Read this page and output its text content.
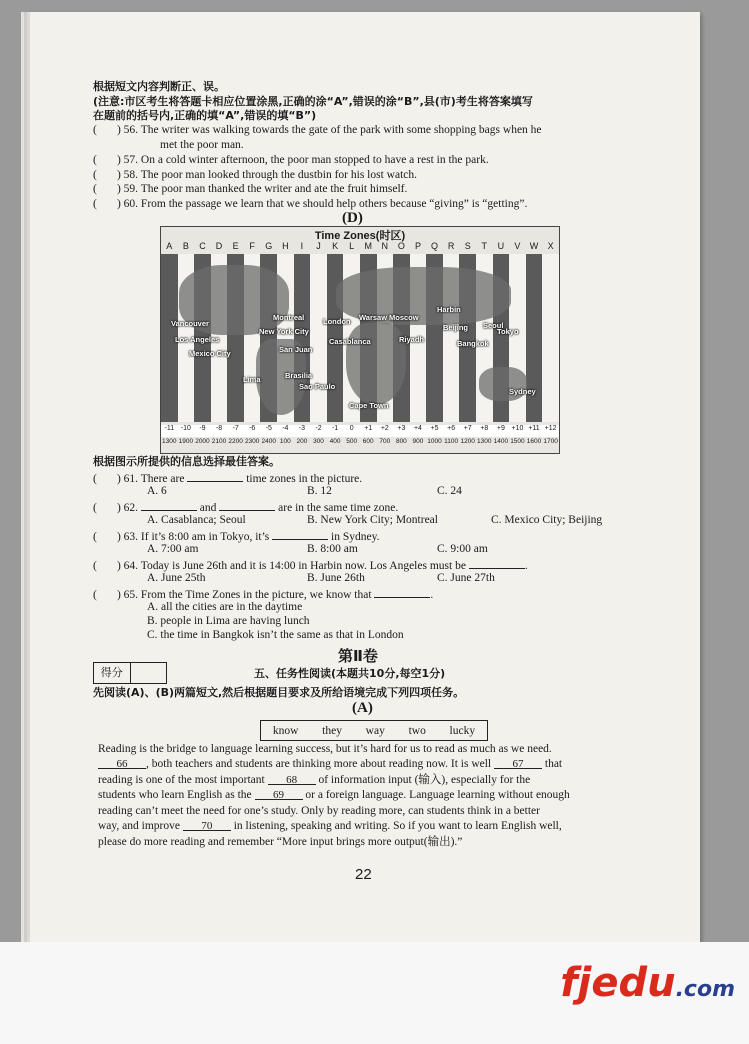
根据短文内容判断正、误。
(注意:市区考生将答题卡相应位置涂黑,正确的涂“A”,错误的涂“B”,县(市)考生将答案填写
在题前的括号内,正确的填“A”,错误的填“B”)
(       ) 56. The writer was walking towards the gate of the park with some shopping bags when he
met the poor man.
(       ) 57. On a cold winter afternoon, the poor man stopped to have a rest in the park.
(       ) 58. The poor man looked through the dustbin for his lost watch.
(       ) 59. The poor man thanked the writer and ate the fruit himself.
(       ) 60. From the passage we learn that we should help others because “giving” is “getting”.
(D)
Time Zones(时区)
A	B	C	D	E	F	G	H	I	J	K	L	M	N	O	P	Q	R	S	T	U	V	W	X
Vancouver
Montreal
New York City
London Warsaw Moscow
Harbin
Beijing Seoul
Tokyo
Los Angeles	Casablanca	Riyadh	Bangkok
Mexico City	San Juan
Lima	Brasilia
Sao Paulo
Cape Town
Sydney
-11 -10	-9	-8	-7	-6	-5	-4	-3	-2	-1	0	+1	+2	+3	+4	+5	+6	+7	+8	+9 +10 +11 +12
1300 1900 2000 2100 2200 2300 2400 100 200 300 400 500 600 700 800 900 1000 1100 1200 1300 1400 1500 1600 1700
根据图示所提供的信息选择最佳答案。
(       ) 61. There are	time zones in the picture.
A. 6	B. 12	C. 24
(       ) 62.	and	are in the same time zone.
A. Casablanca; Seoul	B. New York City; Montreal	C. Mexico City; Beijing
(       ) 63. If it’s 8:00 am in Tokyo, it’s	in Sydney.
A. 7:00 am	B. 8:00 am	C. 9:00 am
(       ) 64. Today is June 26th and it is 14:00 in Harbin now. Los Angeles must be	.
A. June 25th	B. June 26th	C. June 27th
(       ) 65. From the Time Zones in the picture, we know that	.
A. all the cities are in the daytime
B. people in Lima are having lunch
C. the time in Bangkok isn’t the same as that in London
第Ⅱ卷
得分	五、任务性阅读(本题共10分,每空1分)
先阅读(A)、(B)两篇短文,然后根据题目要求及所给语境完成下列四项任务。
(A)
know they way two lucky
Reading is the bridge to language learning success, but it’s hard for us to read as much as we need.
66 , both teachers and students are thinking more about reading now. It is well 67 that
reading is one of the most important 68 of information input (输入), especially for the
students who learn English as the 69 or a foreign language. Language learning without enough
reading can’t meet the need for one’s study. Only by reading more, can students think in a better
way, and improve 70 in listening, speaking and writing. So if you want to learn English well,
please do more reading and remember “More input brings more output(输出).”
22
fjedu.com
